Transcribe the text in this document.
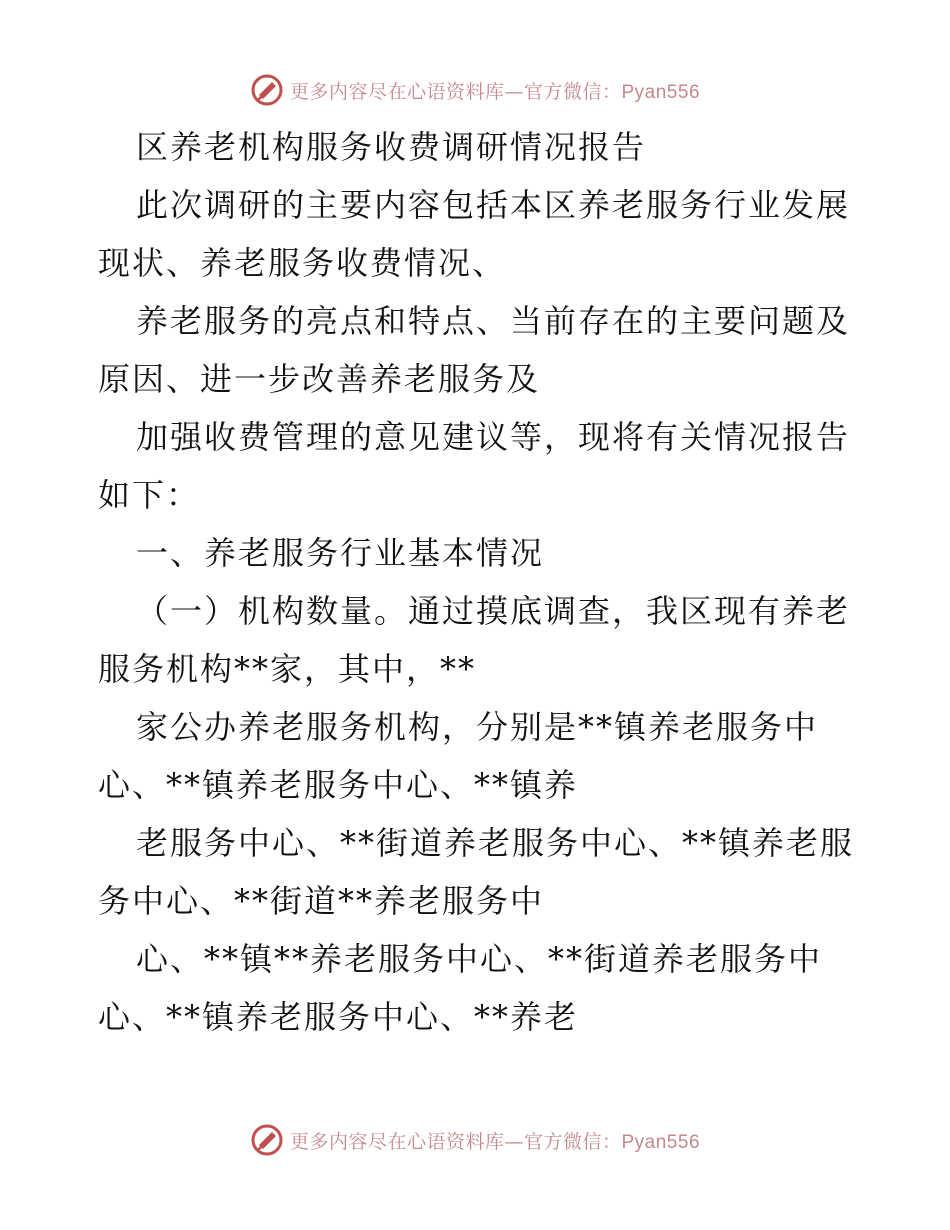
更多内容尽在心语资料库—官方微信：Pyan556
区养老机构服务收费调研情况报告
此次调研的主要内容包括本区养老服务行业发展
现状、养老服务收费情况、
养老服务的亮点和特点、当前存在的主要问题及
原因、进一步改善养老服务及
加强收费管理的意见建议等，现将有关情况报告
如下：
一、养老服务行业基本情况
（一）机构数量。通过摸底调查，我区现有养老
服务机构**家，其中，**
家公办养老服务机构，分别是**镇养老服务中
心、**镇养老服务中心、**镇养
老服务中心、**街道养老服务中心、**镇养老服
务中心、**街道**养老服务中
心、**镇**养老服务中心、**街道养老服务中
心、**镇养老服务中心、**养老
更多内容尽在心语资料库—官方微信：Pyan556
